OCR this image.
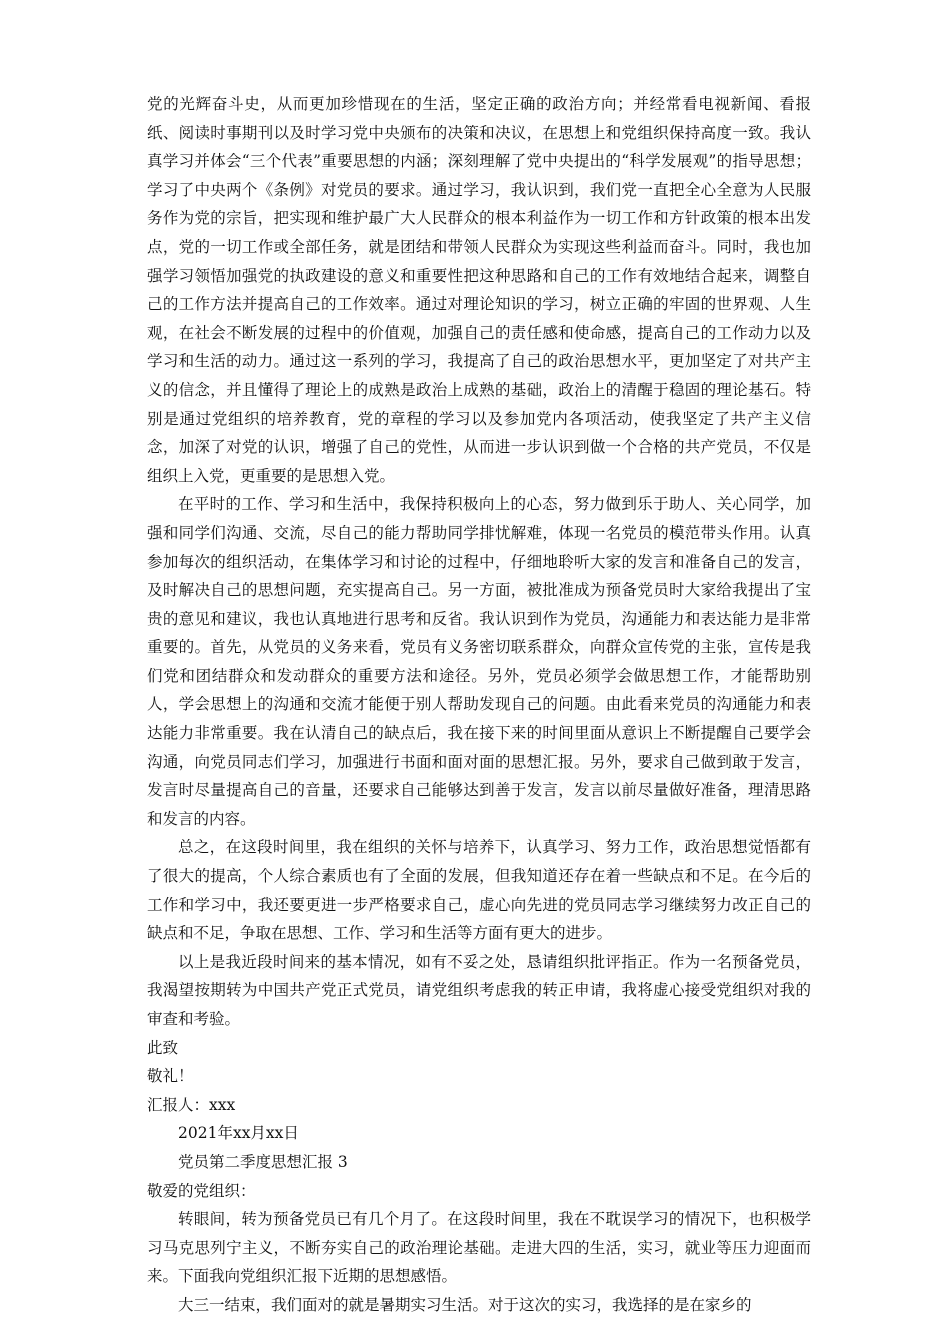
党的光辉奋斗史，从而更加珍惜现在的生活，坚定正确的政治方向；并经常看电视新闻、看报纸、阅读时事期刊以及时学习党中央颁布的决策和决议，在思想上和党组织保持高度一致。我认真学习并体会“三个代表”重要思想的内涵；深刻理解了党中央提出的“科学发展观”的指导思想；学习了中央两个《条例》对党员的要求。通过学习，我认识到，我们党一直把全心全意为人民服务作为党的宗旨，把实现和维护最广大人民群众的根本利益作为一切工作和方针政策的根本出发点，党的一切工作或全部任务，就是团结和带领人民群众为实现这些利益而奋斗。同时，我也加强学习领悟加强党的执政建设的意义和重要性把这种思路和自己的工作有效地结合起来，调整自己的工作方法并提高自己的工作效率。通过对理论知识的学习，树立正确的牢固的世界观、人生观，在社会不断发展的过程中的价值观，加强自己的责任感和使命感，提高自己的工作动力以及学习和生活的动力。通过这一系列的学习，我提高了自己的政治思想水平，更加坚定了对共产主义的信念，并且懂得了理论上的成熟是政治上成熟的基础，政治上的清醒于稳固的理论基石。特别是通过党组织的培养教育，党的章程的学习以及参加党内各项活动，使我坚定了共产主义信念，加深了对党的认识，增强了自己的党性，从而进一步认识到做一个合格的共产党员，不仅是组织上入党，更重要的是思想入党。

在平时的工作、学习和生活中，我保持积极向上的心态，努力做到乐于助人、关心同学，加强和同学们沟通、交流，尽自己的能力帮助同学排忧解难，体现一名党员的模范带头作用。认真参加每次的组织活动，在集体学习和讨论的过程中，仔细地聆听大家的发言和准备自己的发言，及时解决自己的思想问题，充实提高自己。另一方面，被批准成为预备党员时大家给我提出了宝贵的意见和建议，我也认真地进行思考和反省。我认识到作为党员，沟通能力和表达能力是非常重要的。首先，从党员的义务来看，党员有义务密切联系群众，向群众宣传党的主张，宣传是我们党和团结群众和发动群众的重要方法和途径。另外，党员必须学会做思想工作，才能帮助别人，学会思想上的沟通和交流才能便于别人帮助发现自己的问题。由此看来党员的沟通能力和表达能力非常重要。我在认清自己的缺点后，我在接下来的时间里面从意识上不断提醒自己要学会沟通，向党员同志们学习，加强进行书面和面对面的思想汇报。另外，要求自己做到敢于发言，发言时尽量提高自己的音量，还要求自己能够达到善于发言，发言以前尽量做好准备，理清思路和发言的内容。

总之，在这段时间里，我在组织的关怀与培养下，认真学习、努力工作，政治思想觉悟都有了很大的提高，个人综合素质也有了全面的发展，但我知道还存在着一些缺点和不足。在今后的工作和学习中，我还要更进一步严格要求自己，虚心向先进的党员同志学习继续努力改正自己的缺点和不足，争取在思想、工作、学习和生活等方面有更大的进步。

以上是我近段时间来的基本情况，如有不妥之处，恳请组织批评指正。作为一名预备党员，我渴望按期转为中国共产党正式党员，请党组织考虑我的转正申请，我将虚心接受党组织对我的审查和考验。

此致

敬礼！

汇报人：xxx

2021年xx月xx日

党员第二季度思想汇报 3

敬爱的党组织：

转眼间，转为预备党员已有几个月了。在这段时间里，我在不耽误学习的情况下，也积极学习马克思列宁主义，不断夯实自己的政治理论基础。走进大四的生活，实习，就业等压力迎面而来。下面我向党组织汇报下近期的思想感悟。

大三一结束，我们面对的就是暑期实习生活。对于这次的实习，我选择的是在家乡的
